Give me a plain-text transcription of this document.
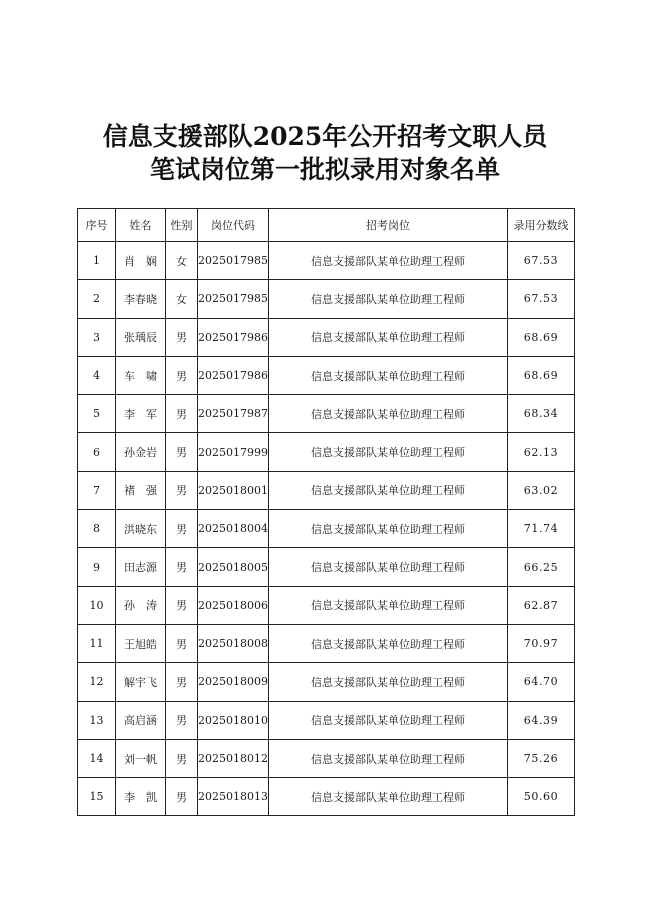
信息支援部队2025年公开招考文职人员
笔试岗位第一批拟录用对象名单
序号	姓名	性别	岗位代码	招考岗位	录用分数线
1	肖　娴	女	2025017985	信息支援部队某单位助理工程师	67.53
2	李春晓	女	2025017985	信息支援部队某单位助理工程师	67.53
3	张瑀辰	男	2025017986	信息支援部队某单位助理工程师	68.69
4	车　啸	男	2025017986	信息支援部队某单位助理工程师	68.69
5	李　军	男	2025017987	信息支援部队某单位助理工程师	68.34
6	孙金岩	男	2025017999	信息支援部队某单位助理工程师	62.13
7	褚　强	男	2025018001	信息支援部队某单位助理工程师	63.02
8	洪晓东	男	2025018004	信息支援部队某单位助理工程师	71.74
9	田志源	男	2025018005	信息支援部队某单位助理工程师	66.25
10	孙　涛	男	2025018006	信息支援部队某单位助理工程师	62.87
11	王旭皓	男	2025018008	信息支援部队某单位助理工程师	70.97
12	解宇飞	男	2025018009	信息支援部队某单位助理工程师	64.70
13	高启涵	男	2025018010	信息支援部队某单位助理工程师	64.39
14	刘一帆	男	2025018012	信息支援部队某单位助理工程师	75.26
15	李　凯	男	2025018013	信息支援部队某单位助理工程师	50.60
